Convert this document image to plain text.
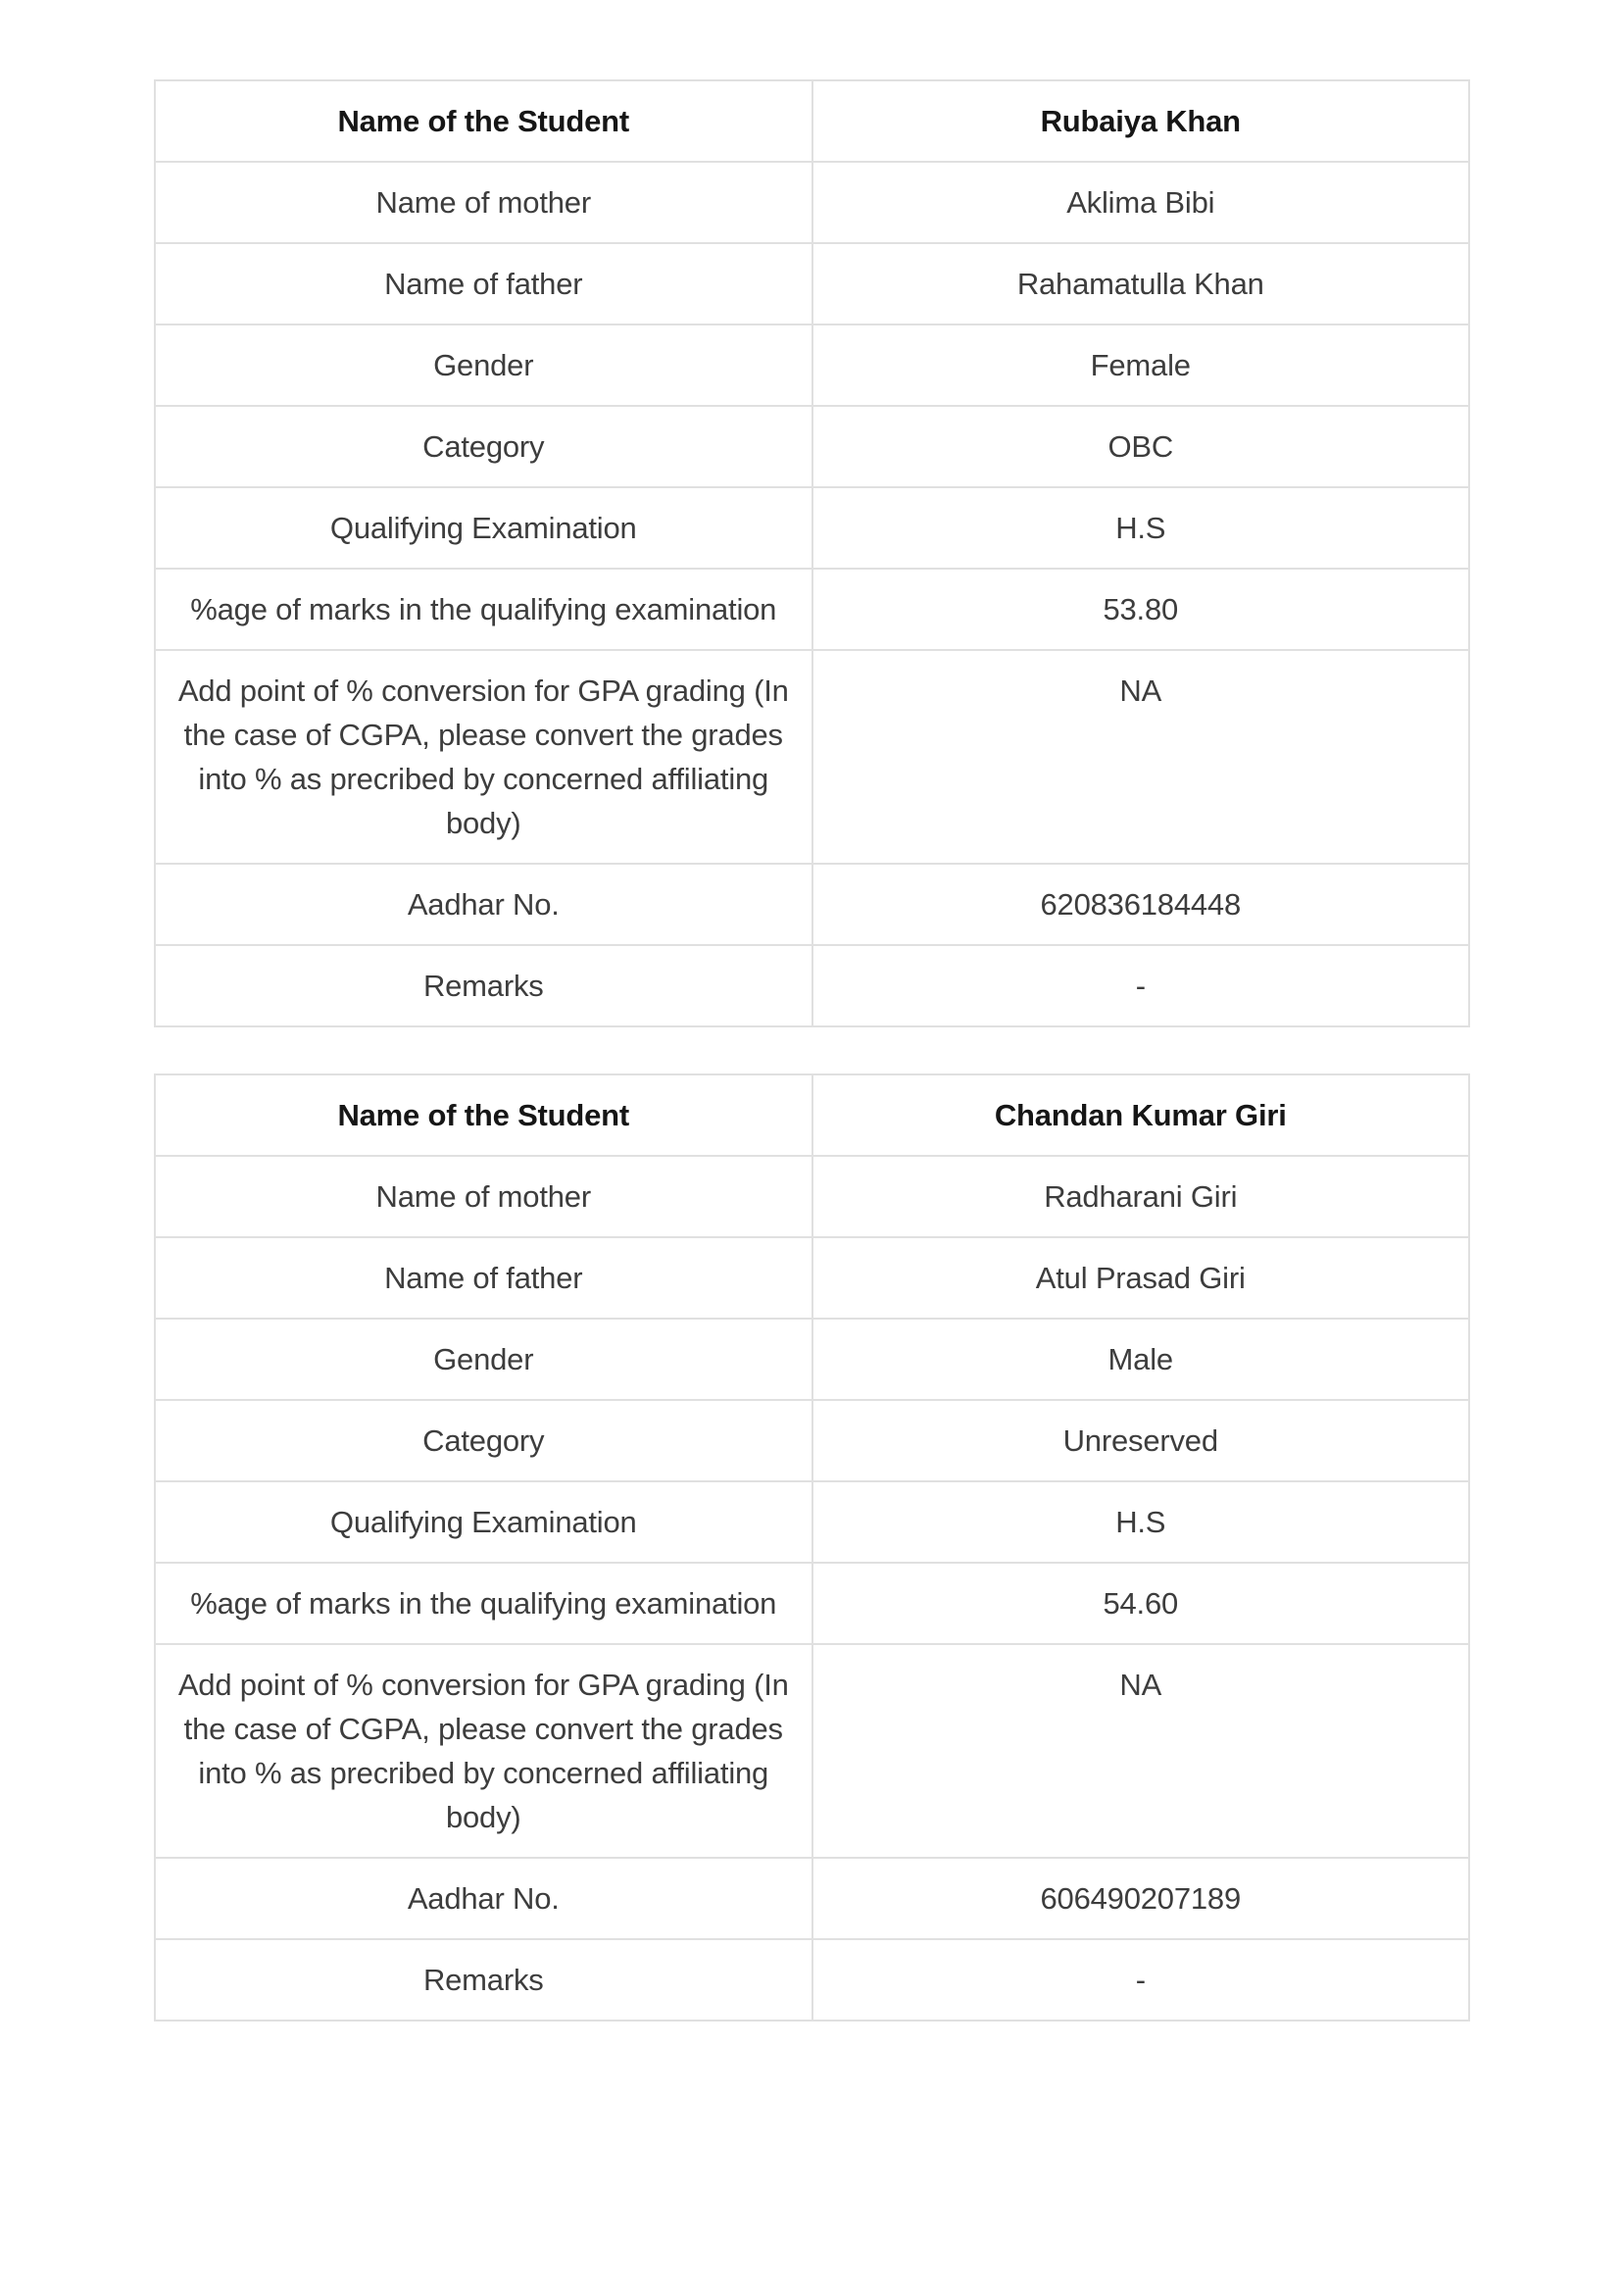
Name of the Student	Rubaiya Khan
Name of mother	Aklima Bibi
Name of father	Rahamatulla Khan
Gender	Female
Category	OBC
Qualifying Examination	H.S
%age of marks in the qualifying examination	53.80
Add point of % conversion for GPA grading (In the case of CGPA, please convert the grades into % as precribed by concerned affiliating body)	NA
Aadhar No.	620836184448
Remarks	-
Name of the Student	Chandan Kumar Giri
Name of mother	Radharani Giri
Name of father	Atul Prasad Giri
Gender	Male
Category	Unreserved
Qualifying Examination	H.S
%age of marks in the qualifying examination	54.60
Add point of % conversion for GPA grading (In the case of CGPA, please convert the grades into % as precribed by concerned affiliating body)	NA
Aadhar No.	606490207189
Remarks	-
